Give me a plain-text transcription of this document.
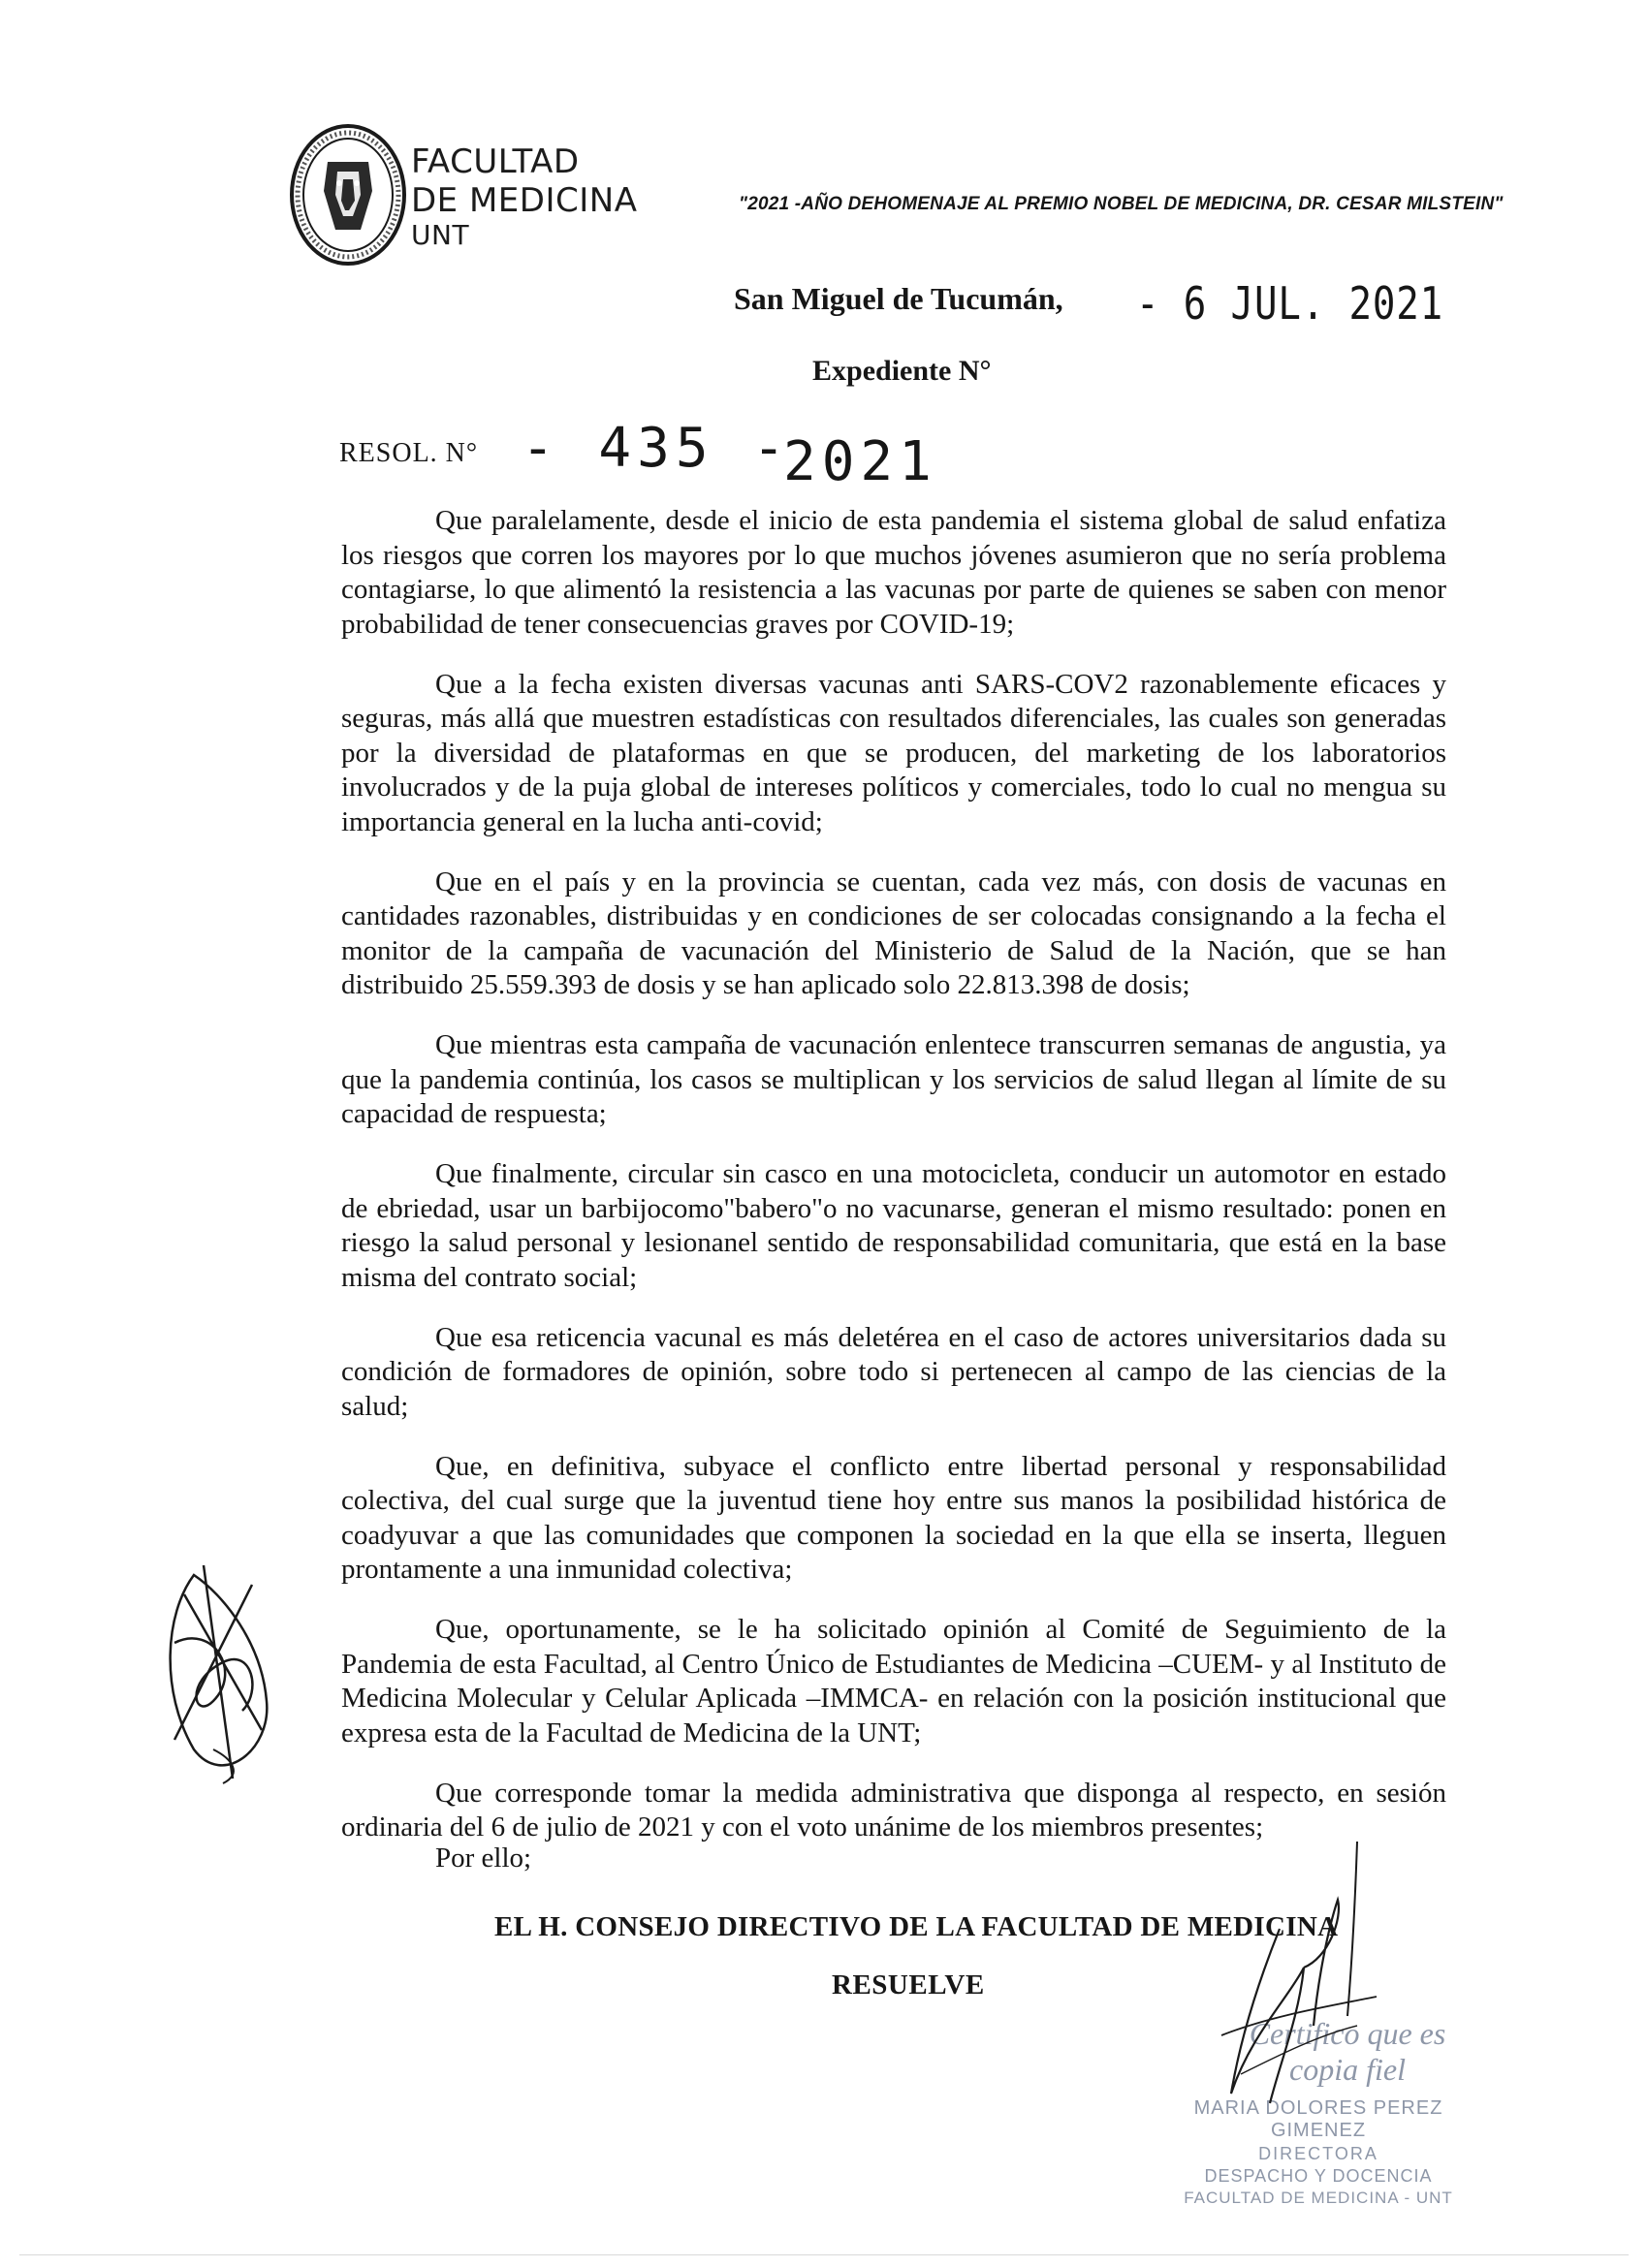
FACULTAD
DE MEDICINA
UNT
"2021 -AÑO DEHOMENAJE AL PREMIO NOBEL DE MEDICINA, DR. CESAR MILSTEIN"
San Miguel de Tucumán, - 6 JUL. 2021
Expediente N°
RESOL. N° - 435 -
2021

Que paralelamente, desde el inicio de esta pandemia el sistema global de salud enfatiza los riesgos que corren los mayores por lo que muchos jóvenes asumieron que no sería problema contagiarse, lo que alimentó la resistencia a las vacunas por parte de quienes se saben con menor probabilidad de tener consecuencias graves por COVID-19;

Que a la fecha existen diversas vacunas anti SARS-COV2 razonablemente eficaces y seguras, más allá que muestren estadísticas con resultados diferenciales, las cuales son generadas por la diversidad de plataformas en que se producen, del marketing de los laboratorios involucrados y de la puja global de intereses políticos y comerciales, todo lo cual no mengua su importancia general en la lucha anti-covid;

Que en el país y en la provincia se cuentan, cada vez más, con dosis de vacunas en cantidades razonables, distribuidas y en condiciones de ser colocadas consignando a la fecha el monitor de la campaña de vacunación del Ministerio de Salud de la Nación, que se han distribuido 25.559.393 de dosis y se han aplicado solo 22.813.398 de dosis;

Que mientras esta campaña de vacunación enlentece transcurren semanas de angustia, ya que la pandemia continúa, los casos se multiplican y los servicios de salud llegan al límite de su capacidad de respuesta;

Que finalmente, circular sin casco en una motocicleta, conducir un automotor en estado de ebriedad, usar un barbijocomo"babero"o no vacunarse, generan el mismo resultado: ponen en riesgo la salud personal y lesionanel sentido de responsabilidad comunitaria, que está en la base misma del contrato social;

Que esa reticencia vacunal es más deletérea en el caso de actores universitarios dada su condición de formadores de opinión, sobre todo si pertenecen al campo de las ciencias de la salud;

Que, en definitiva, subyace el conflicto entre libertad personal y responsabilidad colectiva, del cual surge que la juventud tiene hoy entre sus manos la posibilidad histórica de coadyuvar a que las comunidades que componen la sociedad en la que ella se inserta, lleguen prontamente a una inmunidad colectiva;

Que, oportunamente, se le ha solicitado opinión al Comité de Seguimiento de la Pandemia de esta Facultad, al Centro Único de Estudiantes de Medicina –CUEM- y al Instituto de Medicina Molecular y Celular Aplicada –IMMCA- en relación con la posición institucional que expresa esta de la Facultad de Medicina de la UNT;

Que corresponde tomar la medida administrativa que disponga al respecto, en sesión ordinaria del 6 de julio de 2021 y con el voto unánime de los miembros presentes;

Por ello;
EL H. CONSEJO DIRECTIVO DE LA FACULTAD DE MEDICINA
RESUELVE
Certifico que es copia fiel
MARIA DOLORES PEREZ GIMENEZ
DIRECTORA
DESPACHO Y DOCENCIA
FACULTAD DE MEDICINA - UNT
